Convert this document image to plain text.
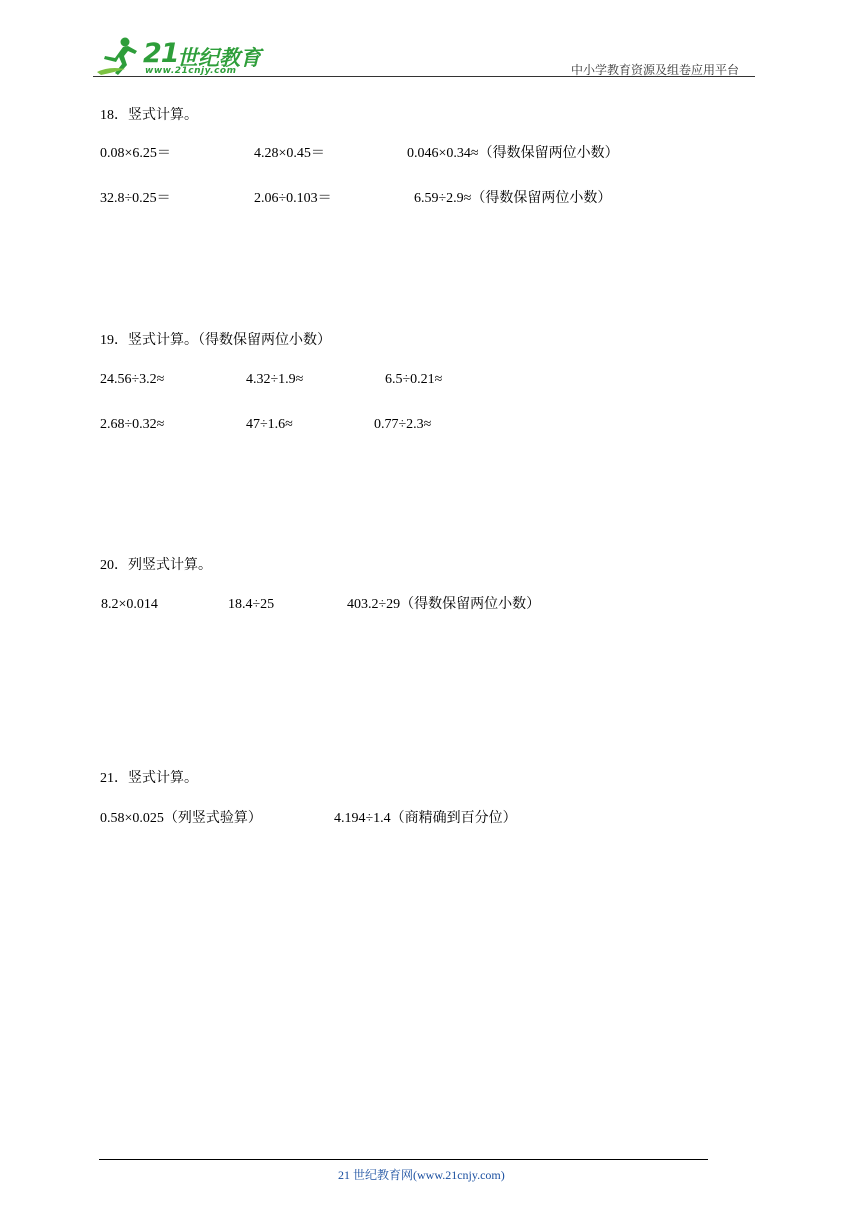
21
世纪教育
www.21cnjy.com	中小学教育资源及组卷应用平台
18．竖式计算。
0.08×6.25＝	4.28×0.45＝	0.046×0.34≈（得数保留两位小数）
32.8÷0.25＝	2.06÷0.103＝	6.59÷2.9≈（得数保留两位小数）
19．竖式计算。（得数保留两位小数）
24.56÷3.2≈	4.32÷1.9≈	6.5÷0.21≈
2.68÷0.32≈	47÷1.6≈	0.77÷2.3≈
20．列竖式计算。
8.2×0.014	18.4÷25	403.2÷29（得数保留两位小数）
21．竖式计算。
0.58×0.025（列竖式验算）	4.194÷1.4（商精确到百分位）
21 世纪教育网(www.21cnjy.com)
